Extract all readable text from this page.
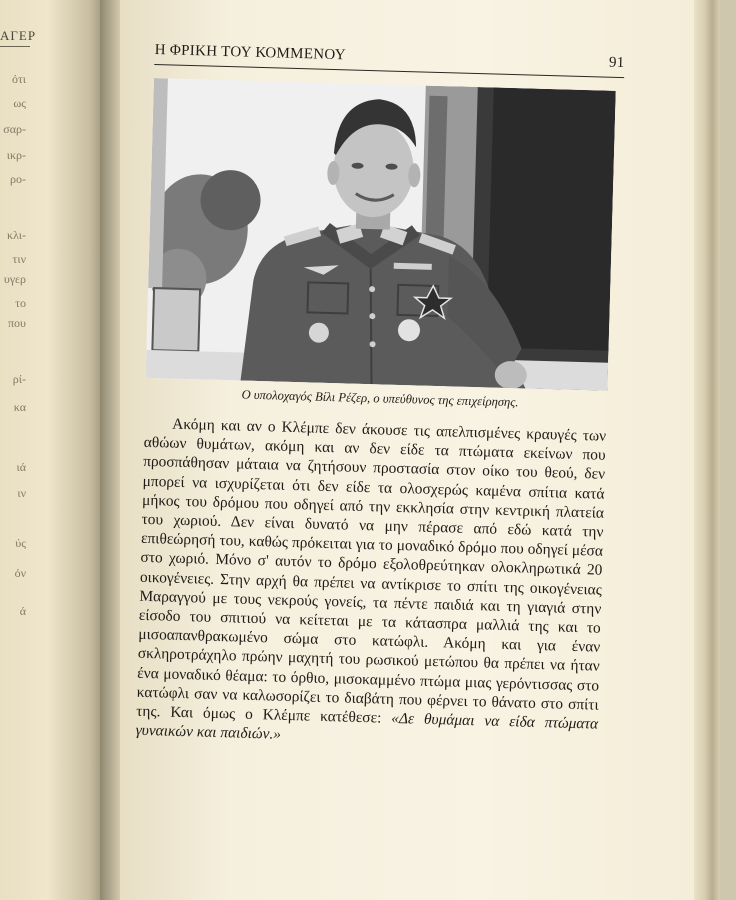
ΑΓΕΡ
ότι
ως
σαρ-
ικρ-
ρο-
κλι-
τιν
υγερ
το
που
ρί-
κα
ιά
ιν
ύς
όν
ά
Η ΦΡΙΚΗ ΤΟΥ ΚΟΜΜΕΝΟΥ	91
Ο υπολοχαγός Βίλι Ρέζερ, ο υπεύθυνος της επιχείρησης.

Ακόμη και αν ο Κλέμπε δεν άκουσε τις απελπισμένες κραυγές των αθώων θυμάτων, ακόμη και αν δεν είδε τα πτώματα εκείνων που προσπάθησαν μάταια να ζητήσουν προστασία στον οίκο του θεού, δεν μπορεί να ισχυρίζεται ότι δεν είδε τα ολοσχερώς καμένα σπίτια κατά μήκος του δρόμου που οδηγεί από την εκκλησία στην κεντρική πλατεία του χωριού. Δεν είναι δυνατό να μην πέρασε από εδώ κατά την επιθεώρησή του, καθώς πρόκειται για το μοναδικό δρόμο που οδηγεί μέσα στο χωριό. Μόνο σ' αυτόν το δρόμο εξολοθρεύτηκαν ολοκληρωτικά 20 οικογένειες. Στην αρχή θα πρέπει να αντίκρισε το σπίτι της οικογένειας Μαραγγού με τους νεκρούς γονείς, τα πέντε παιδιά και τη γιαγιά στην είσοδο του σπιτιού να κείτεται με τα κάτασπρα μαλλιά της και το μισοαπανθρακωμένο σώμα στο κατώφλι. Ακόμη και για έναν σκληροτράχηλο πρώην μαχητή του ρωσικού μετώπου θα πρέπει να ήταν ένα μοναδικό θέαμα: το όρθιο, μισοκαμμένο πτώμα μιας γερόντισσας στο κατώφλι σαν να καλωσορίζει το διαβάτη που φέρνει το θάνατο στο σπίτι της. Και όμως ο Κλέμπε κατέθεσε: «Δε θυμάμαι να είδα πτώματα γυναικών και παιδιών.»
